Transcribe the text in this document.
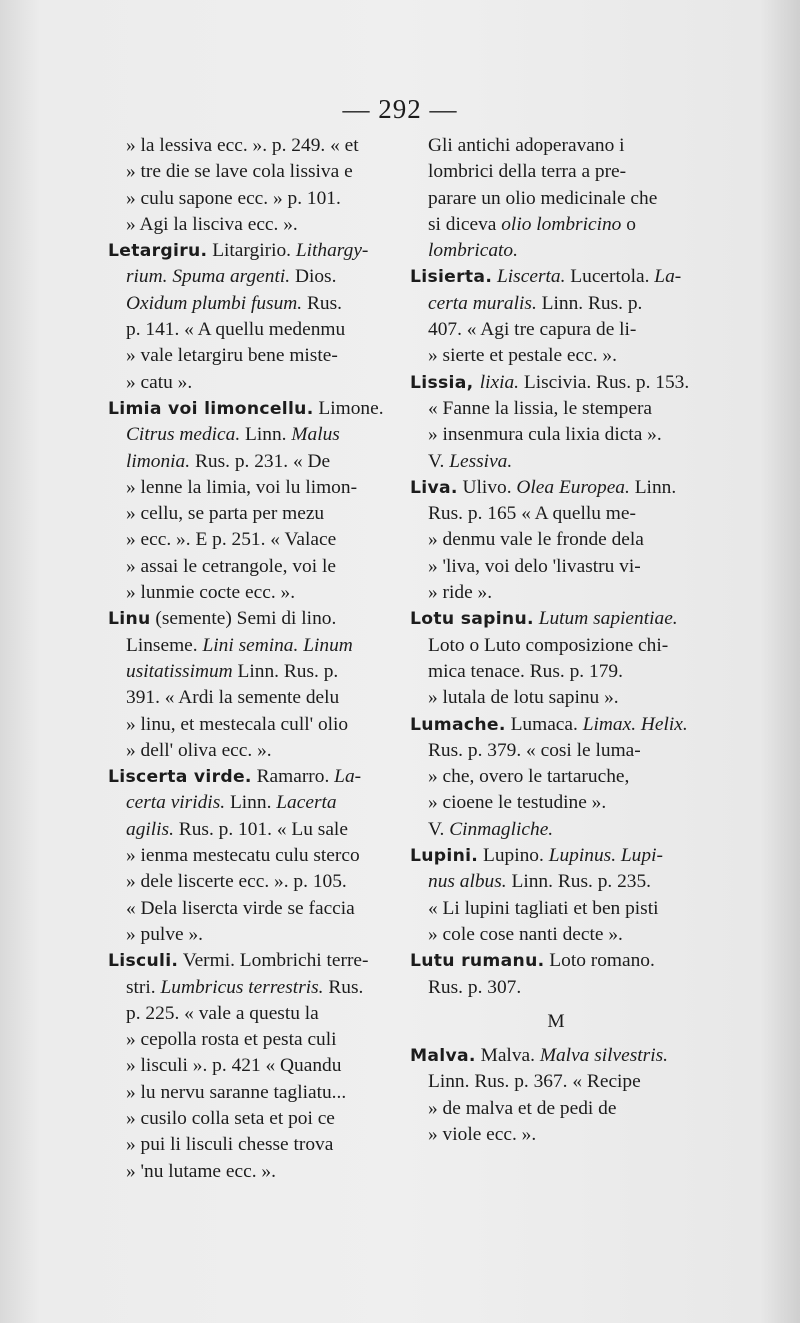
— 292 —
» la lessiva ecc. ». p. 249. « et
» tre die se lave cola lissiva e
» culu sapone ecc. » p. 101.
» Agi la lisciva ecc. ».
Letargiru. Litargirio. Lithargy-
rium. Spuma argenti. Dios.
Oxidum plumbi fusum. Rus.
p. 141. « A quellu medenmu
» vale letargiru bene miste-
» catu ».
Limia voi limoncellu. Limone.
Citrus medica. Linn. Malus
limonia. Rus. p. 231. « De
» lenne la limia, voi lu limon-
» cellu, se parta per mezu
» ecc. ». E p. 251. « Valace
» assai le cetrangole, voi le
» lunmie cocte ecc. ».
Linu (semente) Semi di lino.
Linseme. Lini semina. Linum
usitatissimum Linn. Rus. p.
391. « Ardi la semente delu
» linu, et mestecala cull' olio
» dell' oliva ecc. ».
Liscerta virde. Ramarro. La-
certa viridis. Linn. Lacerta
agilis. Rus. p. 101. « Lu sale
» ienma mestecatu culu sterco
» dele liscerte ecc. ». p. 105.
« Dela lisercta virde se faccia
» pulve ».
Lisculi. Vermi. Lombrichi terre-
stri. Lumbricus terrestris. Rus.
p. 225. « vale a questu la
» cepolla rosta et pesta culi
» lisculi ». p. 421 « Quandu
» lu nervu saranne tagliatu...
» cusilo colla seta et poi ce
» pui li lisculi chesse trova
» 'nu lutame ecc. ».
Gli antichi adoperavano i
lombrici della terra a pre-
parare un olio medicinale che
si diceva olio lombricino o
lombricato.
Lisierta. Liscerta. Lucertola. La-
certa muralis. Linn. Rus. p.
407. « Agi tre capura de li-
» sierte et pestale ecc. ».
Lissia, lixia. Liscivia. Rus. p. 153.
« Fanne la lissia, le stempera
» insenmura cula lixia dicta ».
V. Lessiva.
Liva. Ulivo. Olea Europea. Linn.
Rus. p. 165 « A quellu me-
» denmu vale le fronde dela
» 'liva, voi delo 'livastru vi-
» ride ».
Lotu sapinu. Lutum sapientiae.
Loto o Luto composizione chi-
mica tenace. Rus. p. 179.
» lutala de lotu sapinu ».
Lumache. Lumaca. Limax. Helix.
Rus. p. 379. « cosi le luma-
» che, overo le tartaruche,
» cioene le testudine ».
V. Cinmagliche.
Lupini. Lupino. Lupinus. Lupi-
nus albus. Linn. Rus. p. 235.
« Li lupini tagliati et ben pisti
» cole cose nanti decte ».
Lutu rumanu. Loto romano.
Rus. p. 307.
M
Malva. Malva. Malva silvestris.
Linn. Rus. p. 367. « Recipe
» de malva et de pedi de
» viole ecc. ».
